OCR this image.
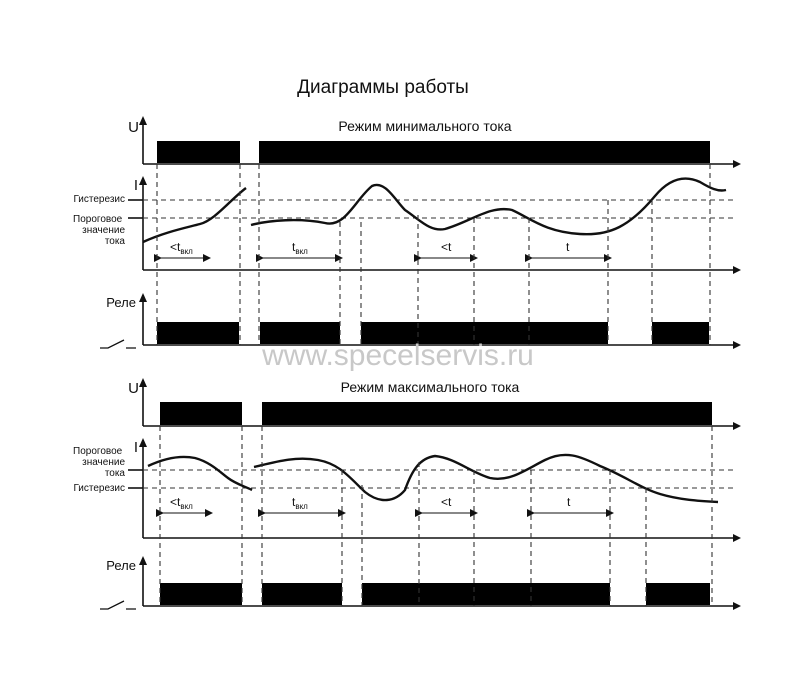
Диаграммы работы
Режим минимального тока
U
I
Гистерезис
Пороговое значение тока	<tвкл	tвкл	<t	t
Реле
www.specelservis.ru
Режим максимального тока
U
I
Пороговое значение тока
Гистерезис
<tвкл	tвкл	<t	t
Реле
